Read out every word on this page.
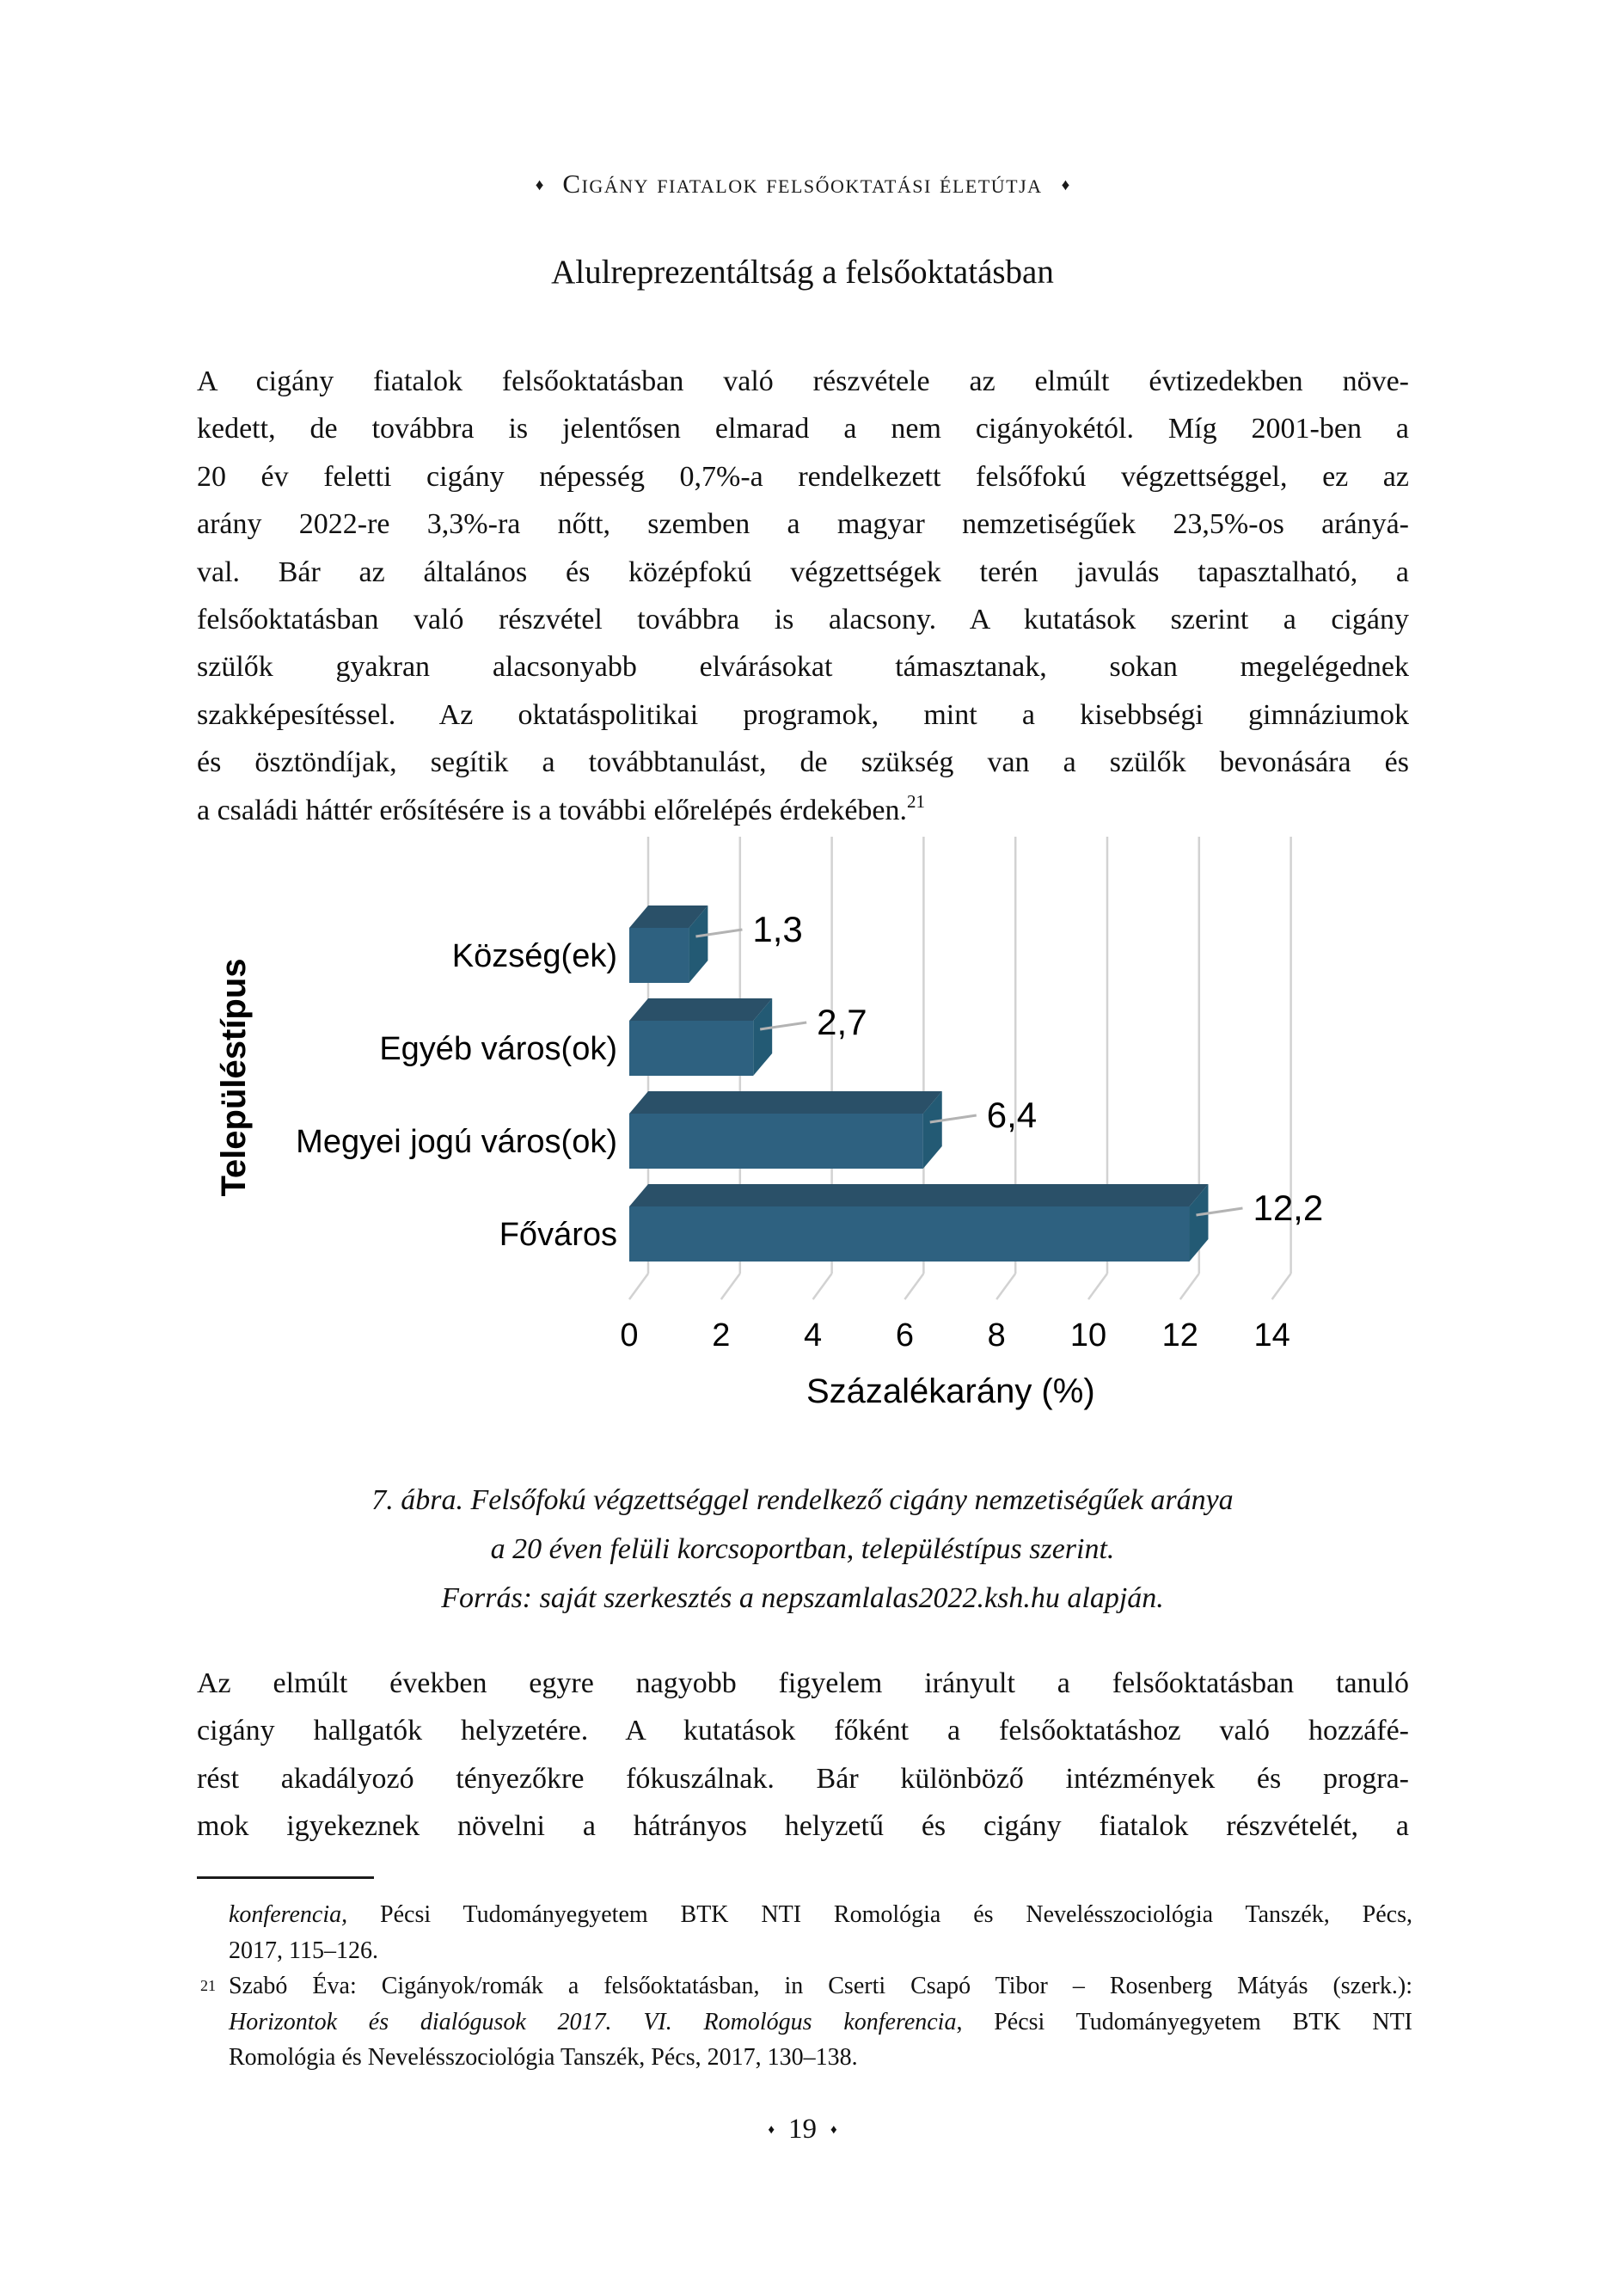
♦ Cigány fiatalok felsőoktatási életútja ♦
Alulreprezentáltság a felsőoktatásban
A cigány fiatalok felsőoktatásban való részvétele az elmúlt évtizedekben növe-
kedett, de továbbra is jelentősen elmarad a nem cigányokétól. Míg 2001-ben a
20 év feletti cigány népesség 0,7%-a rendelkezett felsőfokú végzettséggel, ez az
arány 2022-re 3,3%-ra nőtt, szemben a magyar nemzetiségűek 23,5%-os arányá-
val. Bár az általános és középfokú végzettségek terén javulás tapasztalható, a
felsőoktatásban való részvétel továbbra is alacsony. A kutatások szerint a cigány
szülők gyakran alacsonyabb elvárásokat támasztanak, sokan megelégednek
szakképesítéssel. Az oktatáspolitikai programok, mint a kisebbségi gimnáziumok
és ösztöndíjak, segítik a továbbtanulást, de szükség van a szülők bevonására és
a családi háttér erősítésére is a további előrelépés érdekében.$^{21}$
0 2 4 6 8 10 12 14
Község(ek)
1,3
Egyéb város(ok)
2,7
Megyei jogú város(ok)
6,4
Főváros
12,2
Százalékarány (%)
Településtípus
7. ábra. Felsőfokú végzettséggel rendelkező cigány nemzetiségűek aránya
a 20 éven felüli korcsoportban, településtípus szerint.
Forrás: saját szerkesztés a nepszamlalas2022.ksh.hu alapján.
Az elmúlt években egyre nagyobb figyelem irányult a felsőoktatásban tanuló
cigány hallgatók helyzetére. A kutatások főként a felsőoktatáshoz való hozzáfé-
rést akadályozó tényezőkre fókuszálnak. Bár különböző intézmények és progra-
mok igyekeznek növelni a hátrányos helyzetű és cigány fiatalok részvételét, a
konferencia, Pécsi Tudományegyetem BTK NTI Romológia és Nevelésszociológia Tanszék, Pécs,
2017, 115–126.
21 Szabó Éva: Cigányok/romák a felsőoktatásban, in Cserti Csapó Tibor – Rosenberg Mátyás (szerk.):
Horizontok és dialógusok 2017. VI. Romológus konferencia, Pécsi Tudományegyetem BTK NTI
Romológia és Nevelésszociológia Tanszék, Pécs, 2017, 130–138.
♦ 19 ♦
